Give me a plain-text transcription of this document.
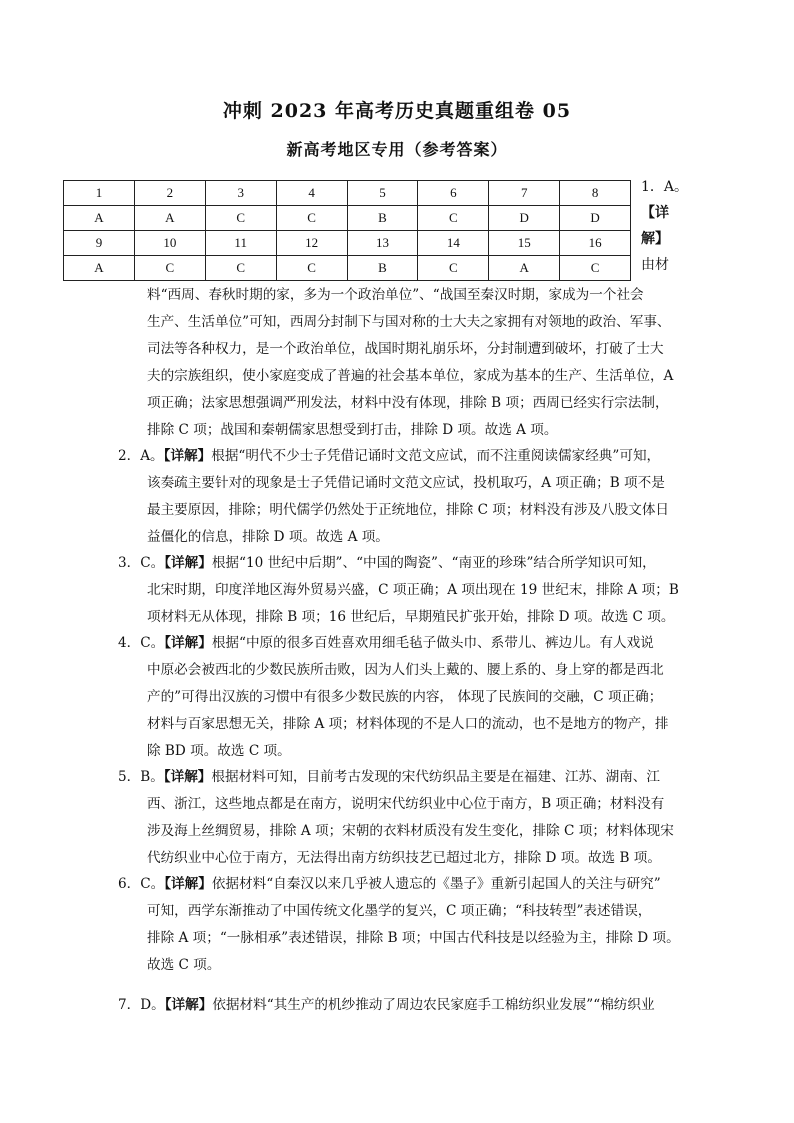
冲刺 2023 年高考历史真题重组卷 05
新高考地区专用（参考答案）
1	2	3	4	5	6	7	8
A	A	C	C	B	C	D	D
9	10	11	12	13	14	15	16
A	C	C	C	B	C	A	C
1．A。
【详
解】
由材

料“西周、春秋时期的家，多为一个政治单位”、“战国至秦汉时期，家成为一个社会

生产、生活单位”可知，西周分封制下与国对称的士大夫之家拥有对领地的政治、军事、

司法等各种权力，是一个政治单位，战国时期礼崩乐坏，分封制遭到破坏，打破了士大

夫的宗族组织，使小家庭变成了普遍的社会基本单位，家成为基本的生产、生活单位，A

项正确；法家思想强调严刑发法，材料中没有体现，排除 B 项；西周已经实行宗法制，

排除 C 项；战国和秦朝儒家思想受到打击，排除 D 项。故选 A 项。

2．A。【详解】根据“明代不少士子凭借记诵时文范文应试，而不注重阅读儒家经典”可知，
该奏疏主要针对的现象是士子凭借记诵时文范文应试，投机取巧，A 项正确；B 项不是
最主要原因，排除；明代儒学仍然处于正统地位，排除 C 项；材料没有涉及八股文体日
益僵化的信息，排除 D 项。故选 A 项。
3．C。【详解】根据“10 世纪中后期”、“中国的陶瓷”、“南亚的珍珠”结合所学知识可知，
北宋时期，印度洋地区海外贸易兴盛，C 项正确；A 项出现在 19 世纪末，排除 A 项；B
项材料无从体现，排除 B 项；16 世纪后，早期殖民扩张开始，排除 D 项。故选 C 项。
4．C。【详解】根据“中原的很多百姓喜欢用细毛毡子做头巾、系带儿、裤边儿。有人戏说
中原必会被西北的少数民族所击败，因为人们头上戴的、腰上系的、身上穿的都是西北
产的”可得出汉族的习惯中有很多少数民族的内容， 体现了民族间的交融，C 项正确；
材料与百家思想无关，排除 A 项；材料体现的不是人口的流动，也不是地方的物产，排
除 BD 项。故选 C 项。
5．B。【详解】根据材料可知，目前考古发现的宋代纺织品主要是在福建、江苏、湖南、江
西、浙江，这些地点都是在南方，说明宋代纺织业中心位于南方，B 项正确；材料没有
涉及海上丝绸贸易，排除 A 项；宋朝的衣料材质没有发生变化，排除 C 项；材料体现宋
代纺织业中心位于南方，无法得出南方纺织技艺已超过北方，排除 D 项。故选 B 项。
6．C。【详解】依据材料“自秦汉以来几乎被人遗忘的《墨子》重新引起国人的关注与研究”
可知，西学东渐推动了中国传统文化墨学的复兴，C 项正确；“科技转型”表述错误，
排除 A 项；“一脉相承”表述错误，排除 B 项；中国古代科技是以经验为主，排除 D 项。
故选 C 项。
7．D。【详解】依据材料“其生产的机纱推动了周边农民家庭手工棉纺织业发展”“棉纺织业
